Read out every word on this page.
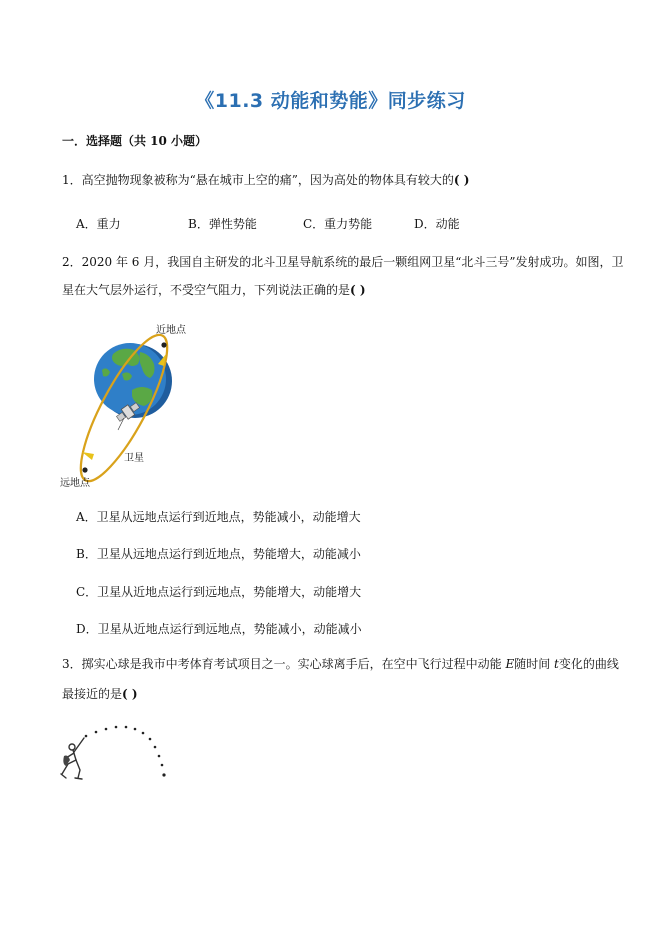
《11.3 动能和势能》同步练习
一．选择题（共 10 小题）
1．高空抛物现象被称为“悬在城市上空的痛”，因为高处的物体具有较大的( )
A．重力	B．弹性势能	C．重力势能	D．动能
2．2020 年 6 月，我国自主研发的北斗卫星导航系统的最后一颗组网卫星“北斗三号”发射成功。如图，卫
星在大气层外运行，不受空气阻力，下列说法正确的是( )
近地点
远地点
卫星
A．卫星从远地点运行到近地点，势能减小，动能增大
B．卫星从远地点运行到近地点，势能增大，动能减小
C．卫星从近地点运行到远地点，势能增大，动能增大
D．卫星从近地点运行到远地点，势能减小，动能减小
3．掷实心球是我市中考体育考试项目之一。实心球离手后，在空中飞行过程中动能 E随时间 t变化的曲线
最接近的是( )
